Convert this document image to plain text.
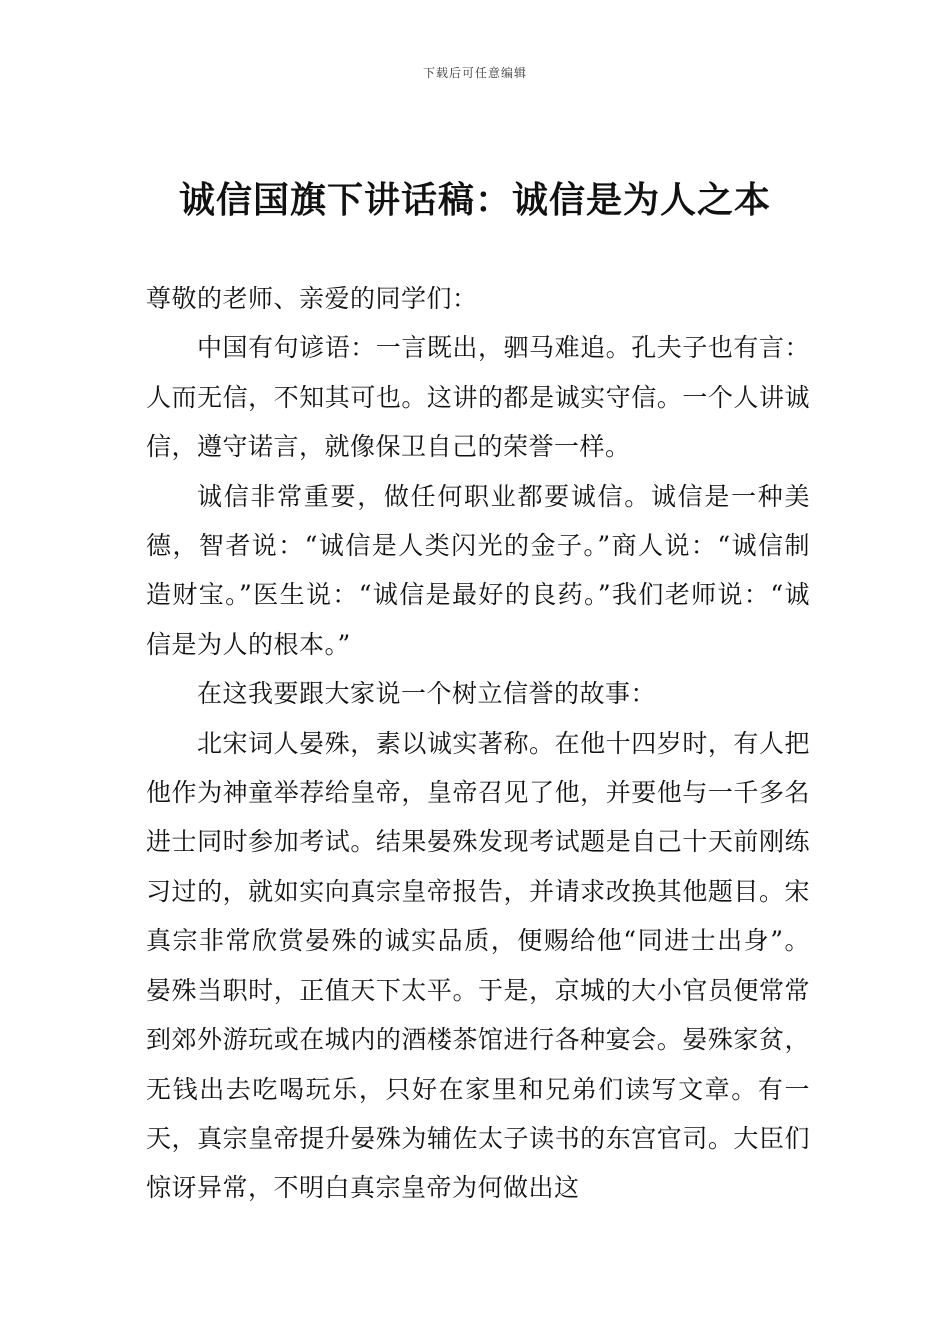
下载后可任意编辑
诚信国旗下讲话稿：诚信是为人之本

尊敬的老师、亲爱的同学们：

中国有句谚语：一言既出，驷马难追。孔夫子也有言：人而无信，不知其可也。这讲的都是诚实守信。一个人讲诚信，遵守诺言，就像保卫自己的荣誉一样。

诚信非常重要，做任何职业都要诚信。诚信是一种美德，智者说：“诚信是人类闪光的金子。”商人说：“诚信制造财宝。”医生说：“诚信是最好的良药。”我们老师说：“诚信是为人的根本。”

在这我要跟大家说一个树立信誉的故事：

北宋词人晏殊，素以诚实著称。在他十四岁时，有人把他作为神童举荐给皇帝，皇帝召见了他，并要他与一千多名进士同时参加考试。结果晏殊发现考试题是自己十天前刚练习过的，就如实向真宗皇帝报告，并请求改换其他题目。宋真宗非常欣赏晏殊的诚实品质，便赐给他“同进士出身”。晏殊当职时，正值天下太平。于是，京城的大小官员便常常到郊外游玩或在城内的酒楼茶馆进行各种宴会。晏殊家贫，无钱出去吃喝玩乐，只好在家里和兄弟们读写文章。有一天，真宗皇帝提升晏殊为辅佐太子读书的东宫官司。大臣们惊讶异常，不明白真宗皇帝为何做出这
